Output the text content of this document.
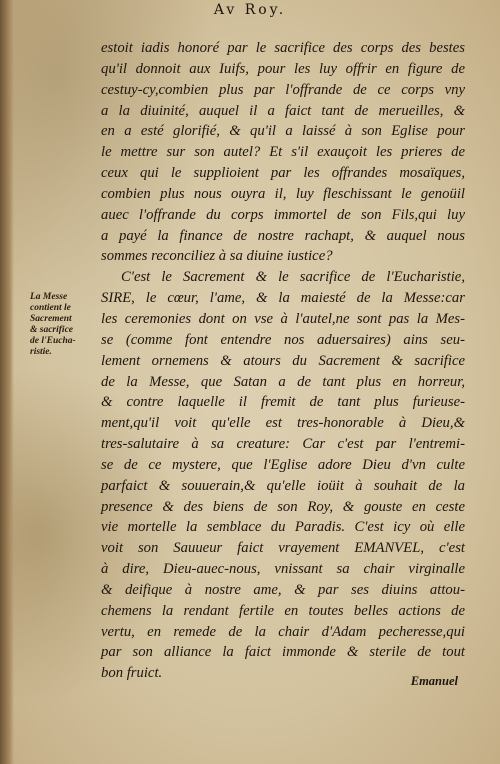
Av Roy.
La Messe
contient le
Sacrement
& sacrifice
de l'Eucha-
ristie.
estoit iadis honoré par le sacrifice des corps des bestes
qu'il donnoit aux Iuifs, pour les luy offrir en figure de
cestuy-cy,combien plus par l'offrande de ce corps vny
a la diuinité, auquel il a faict tant de merueilles, &
en a esté glorifié, & qu'il a laissé à son Eglise pour
le mettre sur son autel? Et s'il exauçoit les prieres de
ceux qui le supplioient par les offrandes mosaïques,
combien plus nous ouyra il, luy fleschissant le genoüil
auec l'offrande du corps immortel de son Fils,qui luy
a payé la finance de nostre rachapt, & auquel nous
sommes reconciliez à sa diuine iustice?
C'est le Sacrement & le sacrifice de l'Eucharistie,
SIRE, le cœur, l'ame, & la maiesté de la Messe:car
les ceremonies dont on vse à l'autel,ne sont pas la Mes-
se (comme font entendre nos aduersaires) ains seu-
lement ornemens & atours du Sacrement & sacrifice
de la Messe, que Satan a de tant plus en horreur,
& contre laquelle il fremit de tant plus furieuse-
ment,qu'il voit qu'elle est tres-honorable à Dieu,&
tres-salutaire à sa creature: Car c'est par l'entremi-
se de ce mystere, que l'Eglise adore Dieu d'vn culte
parfaict & souuerain,& qu'elle ioüit à souhait de la
presence & des biens de son Roy, & gouste en ceste
vie mortelle la semblace du Paradis. C'est icy où elle
voit son Sauueur faict vrayement EMANVEL, c'est
à dire, Dieu-auec-nous, vnissant sa chair virginalle
& deifique à nostre ame, & par ses diuins attou-
chemens la rendant fertile en toutes belles actions de
vertu, en remede de la chair d'Adam pecheresse,qui
par son alliance la faict immonde & sterile de tout
bon fruict.	Emanuel
